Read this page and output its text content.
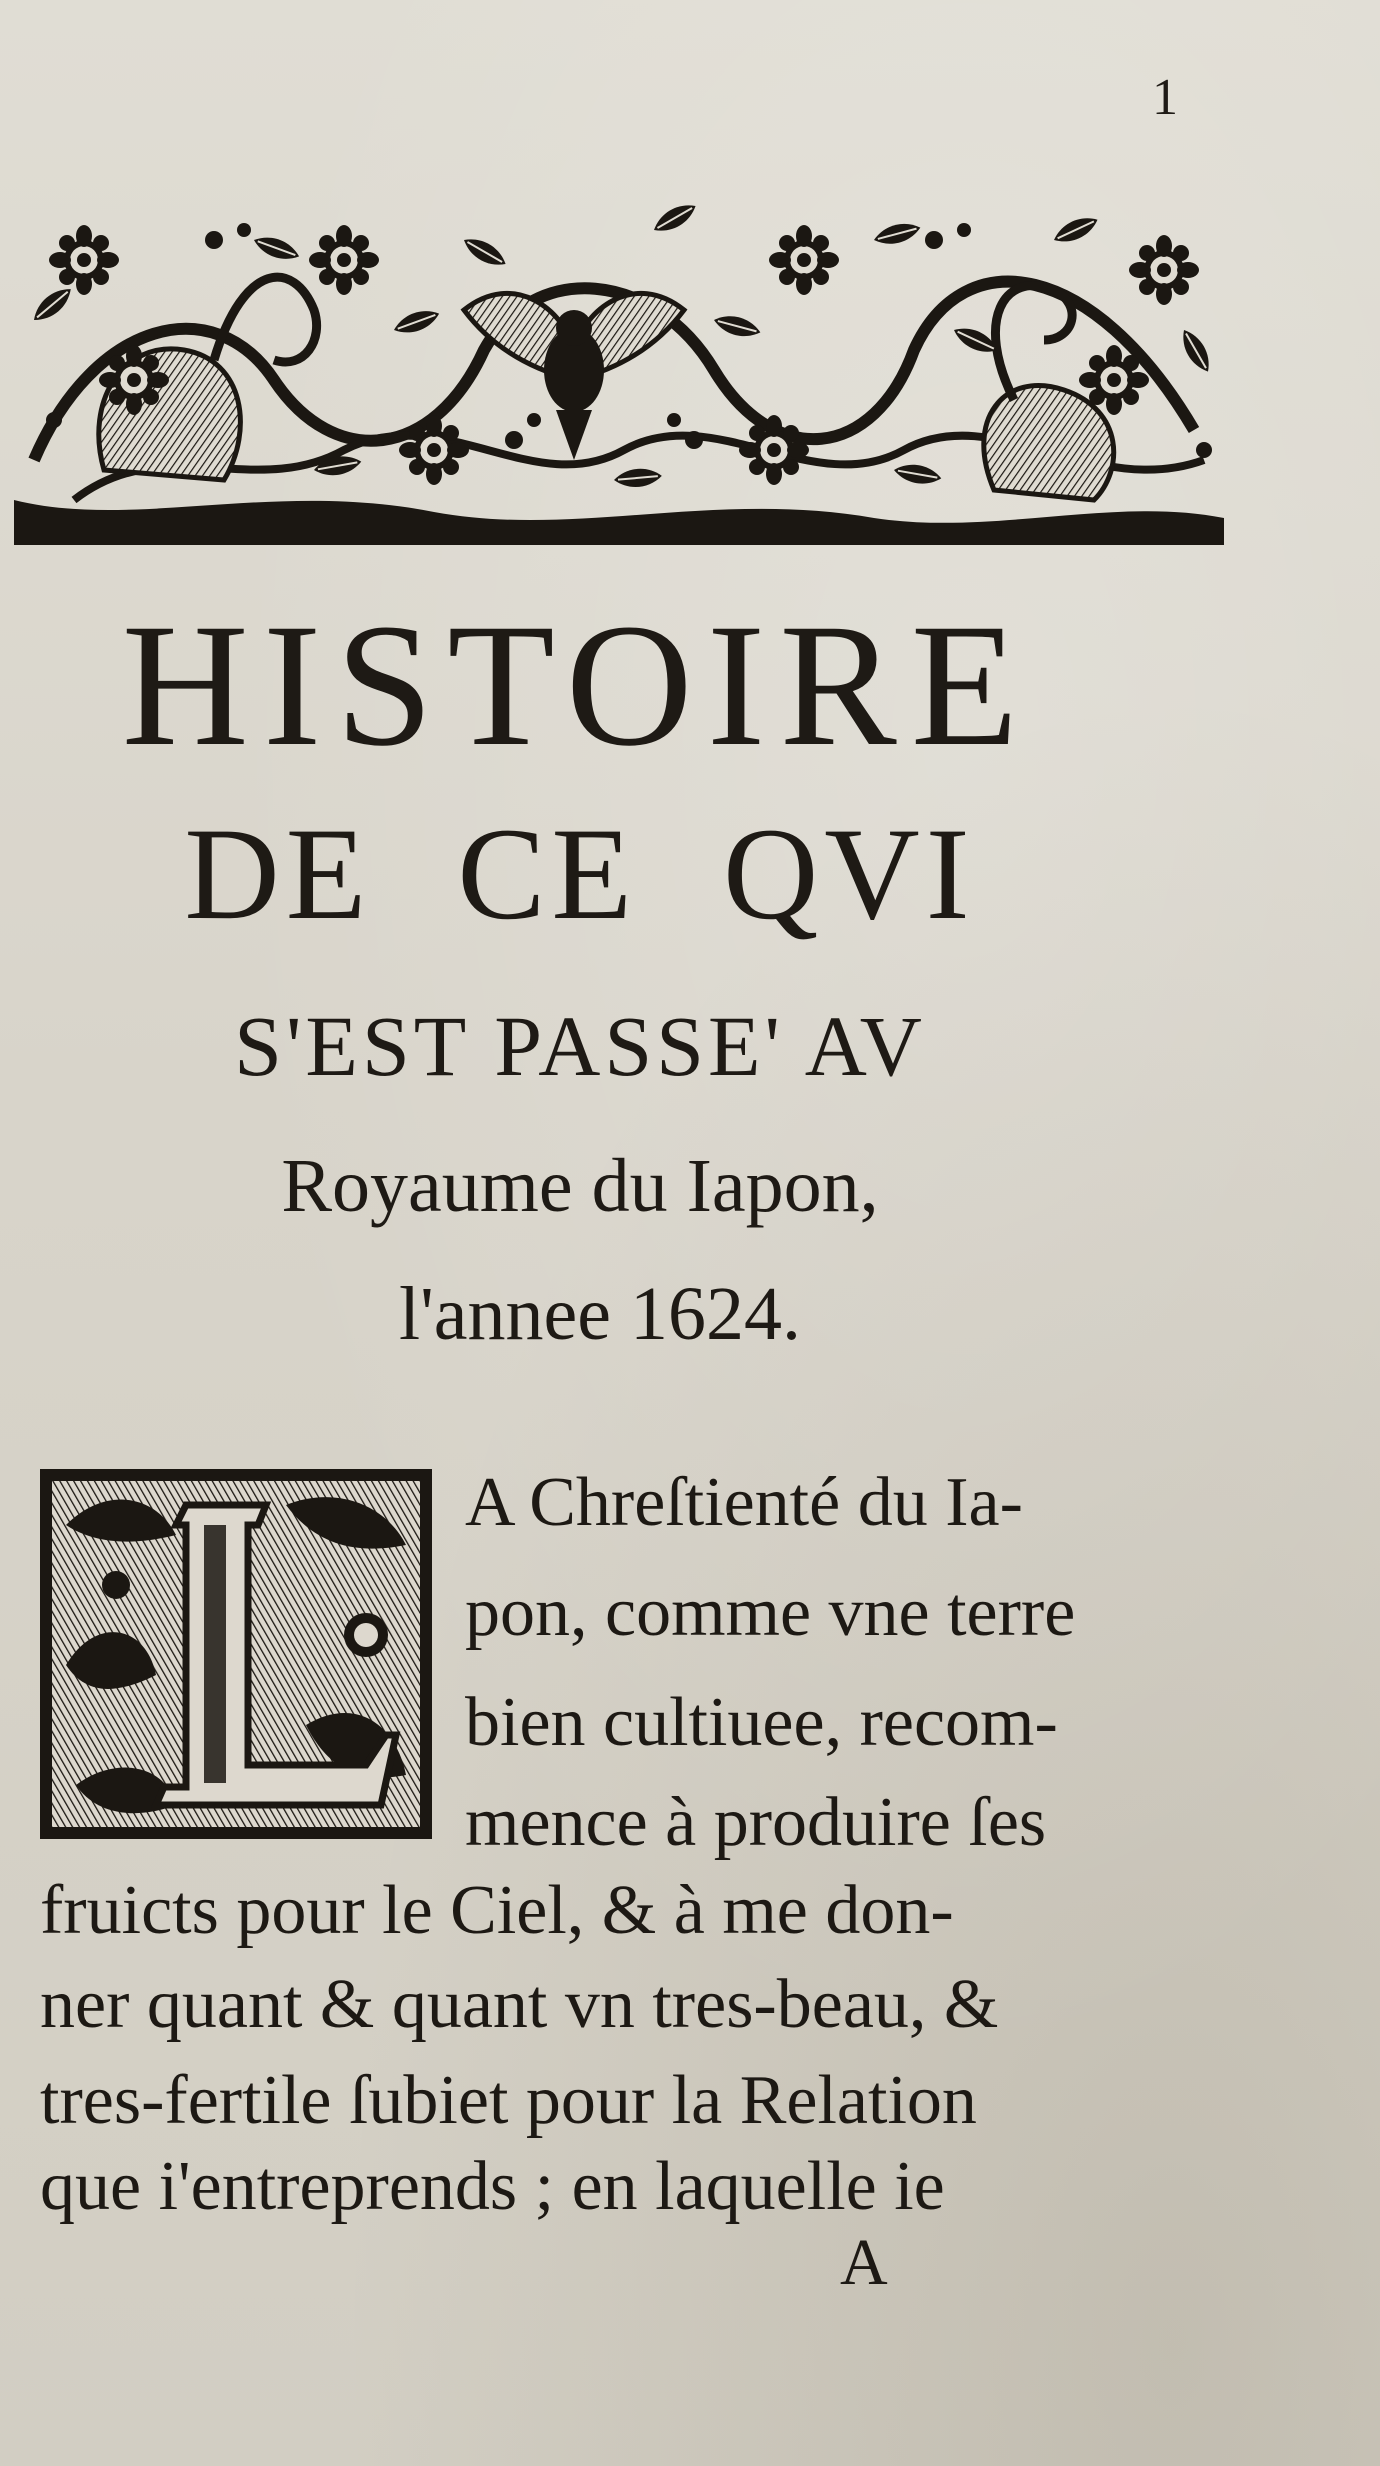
1
HISTOIRE
DE CE QVI
S'EST PASSE' AV
Royaume du Iapon,
l'annee 1624.
A Chreſtienté du Ia-
pon, comme vne terre
bien cultiuee, recom-
mence à produire ſes
fruicts pour le Ciel, & à me don-
ner quant & quant vn tres-beau, &
tres-fertile ſubiet pour la Relation
que i'entreprends ; en laquelle ie
A
